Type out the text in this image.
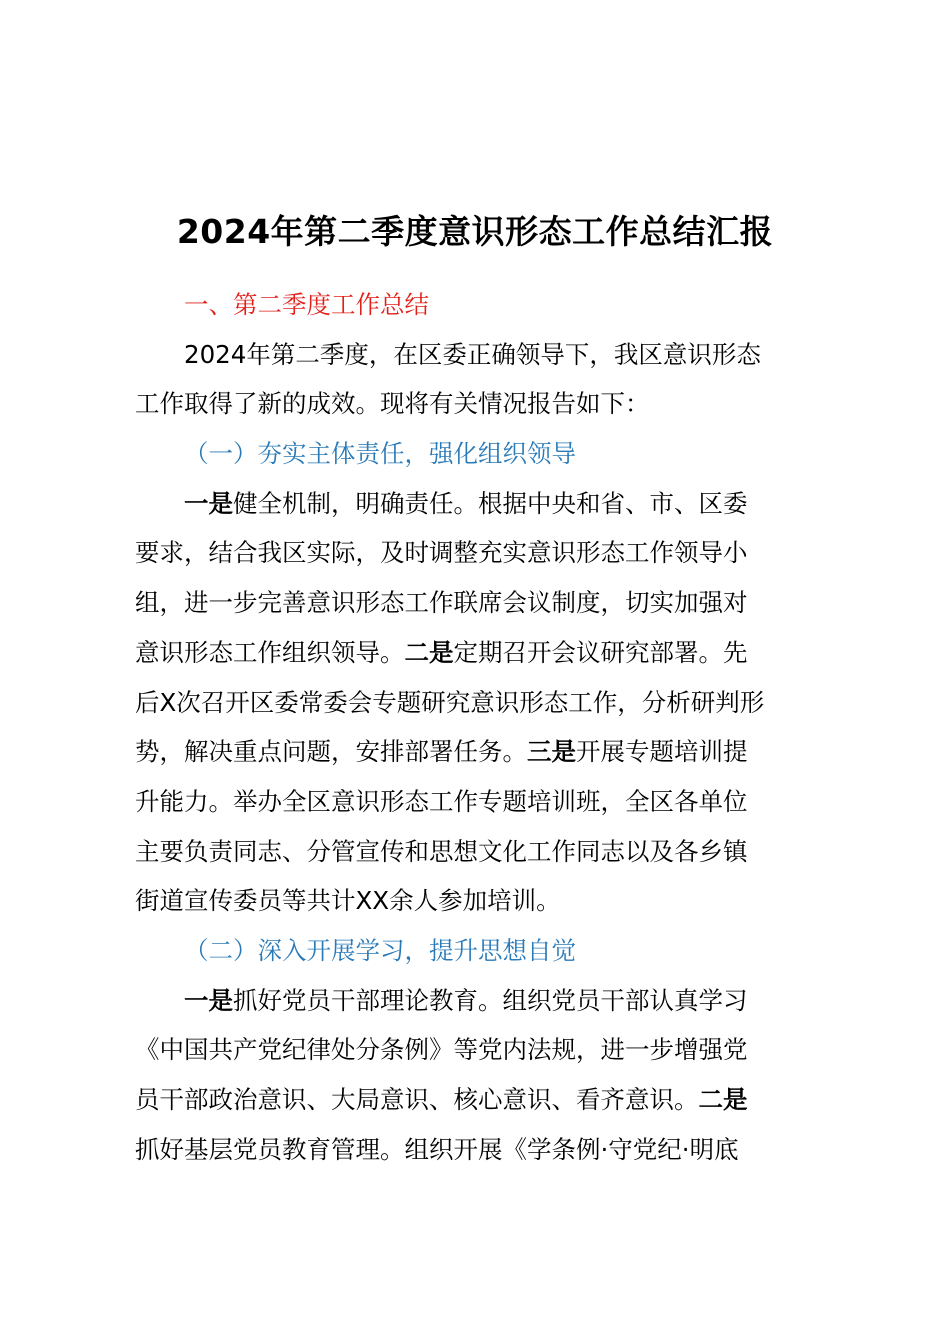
2024年第二季度意识形态工作总结汇报
一、第二季度工作总结
2024年第二季度，在区委正确领导下，我区意识形态
工作取得了新的成效。现将有关情况报告如下：
（一）夯实主体责任，强化组织领导
一是健全机制，明确责任。根据中央和省、市、区委
要求，结合我区实际，及时调整充实意识形态工作领导小
组，进一步完善意识形态工作联席会议制度，切实加强对
意识形态工作组织领导。二是定期召开会议研究部署。先
后X次召开区委常委会专题研究意识形态工作，分析研判形
势，解决重点问题，安排部署任务。三是开展专题培训提
升能力。举办全区意识形态工作专题培训班，全区各单位
主要负责同志、分管宣传和思想文化工作同志以及各乡镇
街道宣传委员等共计XX余人参加培训。
（二）深入开展学习，提升思想自觉
一是抓好党员干部理论教育。组织党员干部认真学习
《中国共产党纪律处分条例》等党内法规，进一步增强党
员干部政治意识、大局意识、核心意识、看齐意识。二是
抓好基层党员教育管理。组织开展《学条例·守党纪·明底
